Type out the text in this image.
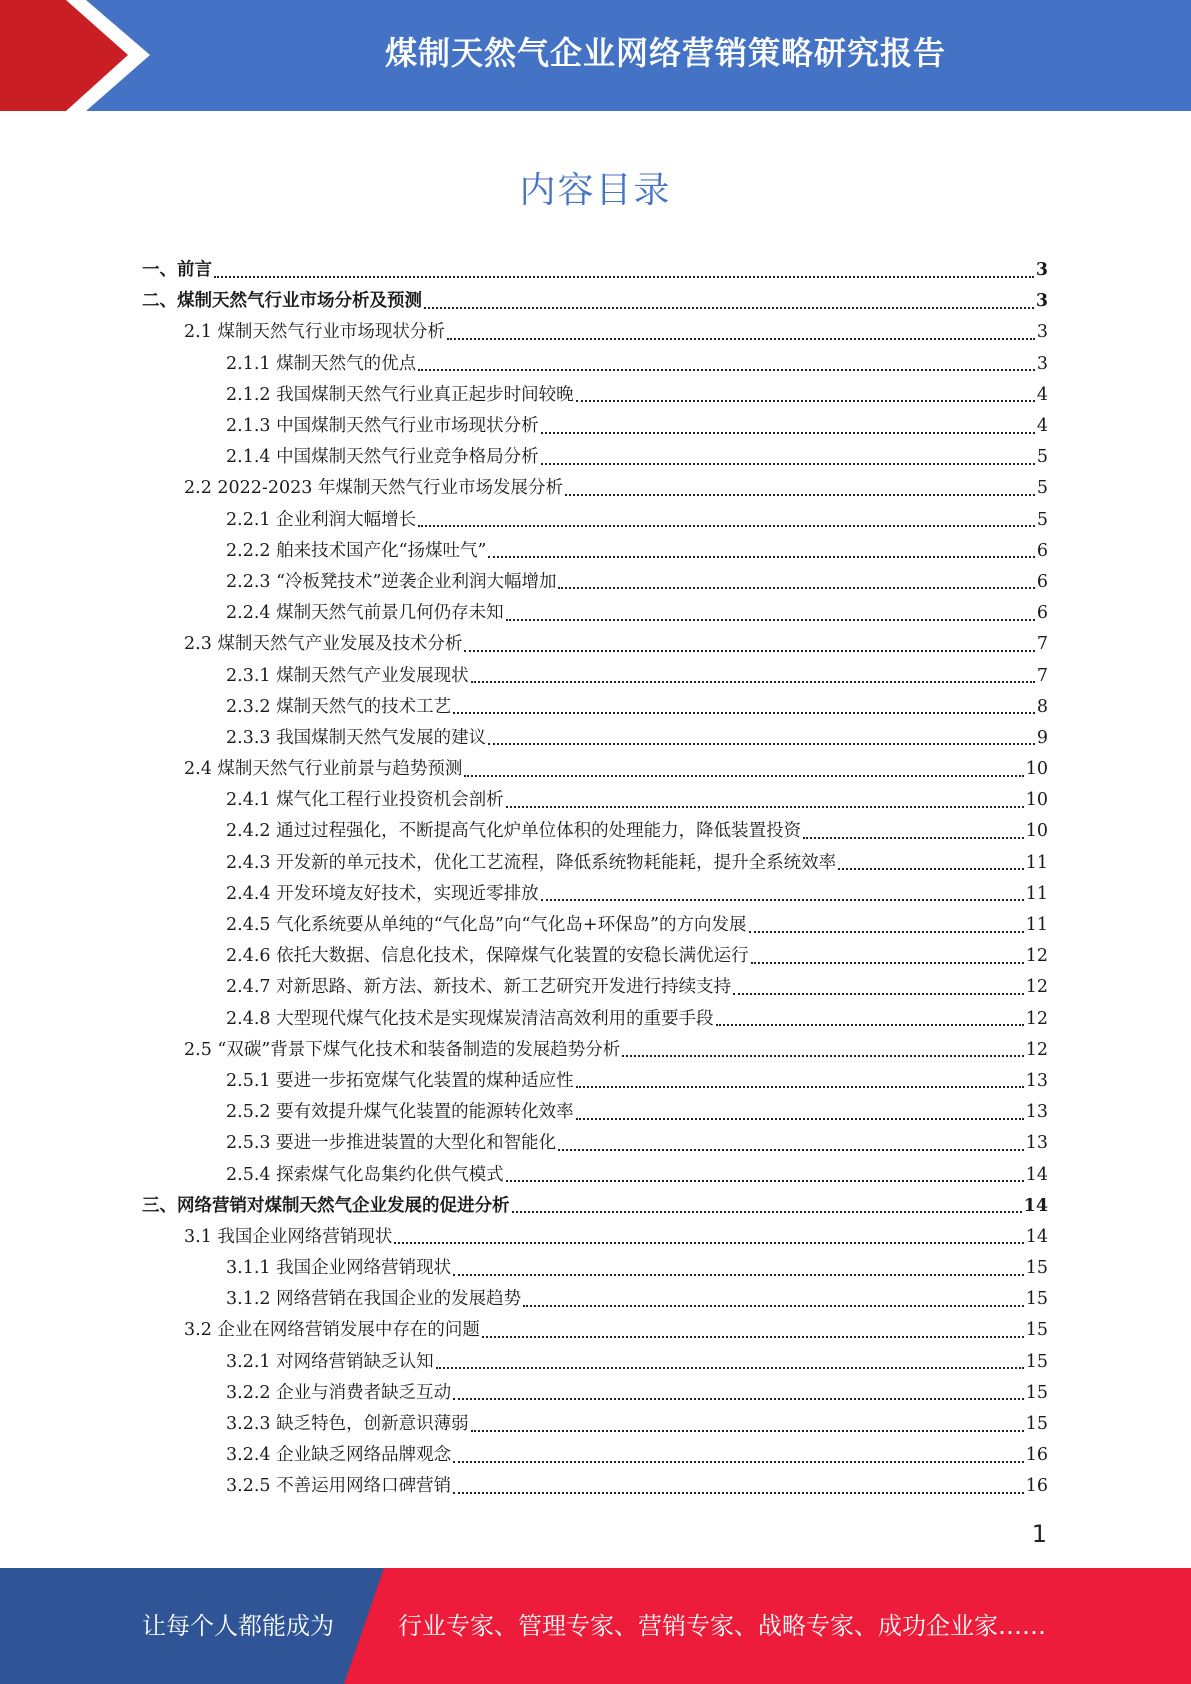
煤制天然气企业网络营销策略研究报告
内容目录
一、前言	3
二、煤制天然气行业市场分析及预测	3
2.1 煤制天然气行业市场现状分析	3
2.1.1 煤制天然气的优点	3
2.1.2 我国煤制天然气行业真正起步时间较晚	4
2.1.3 中国煤制天然气行业市场现状分析	4
2.1.4 中国煤制天然气行业竞争格局分析	5
2.2 2022-2023 年煤制天然气行业市场发展分析	5
2.2.1 企业利润大幅增长	5
2.2.2 舶来技术国产化“扬煤吐气”	6
2.2.3 “冷板凳技术”逆袭企业利润大幅增加	6
2.2.4 煤制天然气前景几何仍存未知	6
2.3 煤制天然气产业发展及技术分析	7
2.3.1 煤制天然气产业发展现状	7
2.3.2 煤制天然气的技术工艺	8
2.3.3 我国煤制天然气发展的建议	9
2.4 煤制天然气行业前景与趋势预测	10
2.4.1 煤气化工程行业投资机会剖析	10
2.4.2 通过过程强化，不断提高气化炉单位体积的处理能力，降低装置投资	10
2.4.3 开发新的单元技术，优化工艺流程，降低系统物耗能耗，提升全系统效率	11
2.4.4 开发环境友好技术，实现近零排放	11
2.4.5 气化系统要从单纯的“气化岛”向“气化岛+环保岛”的方向发展	11
2.4.6 依托大数据、信息化技术，保障煤气化装置的安稳长满优运行	12
2.4.7 对新思路、新方法、新技术、新工艺研究开发进行持续支持	12
2.4.8 大型现代煤气化技术是实现煤炭清洁高效利用的重要手段	12
2.5 “双碳”背景下煤气化技术和装备制造的发展趋势分析	12
2.5.1 要进一步拓宽煤气化装置的煤种适应性	13
2.5.2 要有效提升煤气化装置的能源转化效率	13
2.5.3 要进一步推进装置的大型化和智能化	13
2.5.4 探索煤气化岛集约化供气模式	14
三、网络营销对煤制天然气企业发展的促进分析	14
3.1 我国企业网络营销现状	14
3.1.1 我国企业网络营销现状	15
3.1.2 网络营销在我国企业的发展趋势	15
3.2 企业在网络营销发展中存在的问题	15
3.2.1 对网络营销缺乏认知	15
3.2.2 企业与消费者缺乏互动	15
3.2.3 缺乏特色，创新意识薄弱	15
3.2.4 企业缺乏网络品牌观念	16
3.2.5 不善运用网络口碑营销	16
1
让每个人都能成为	行业专家、管理专家、营销专家、战略专家、成功企业家……
